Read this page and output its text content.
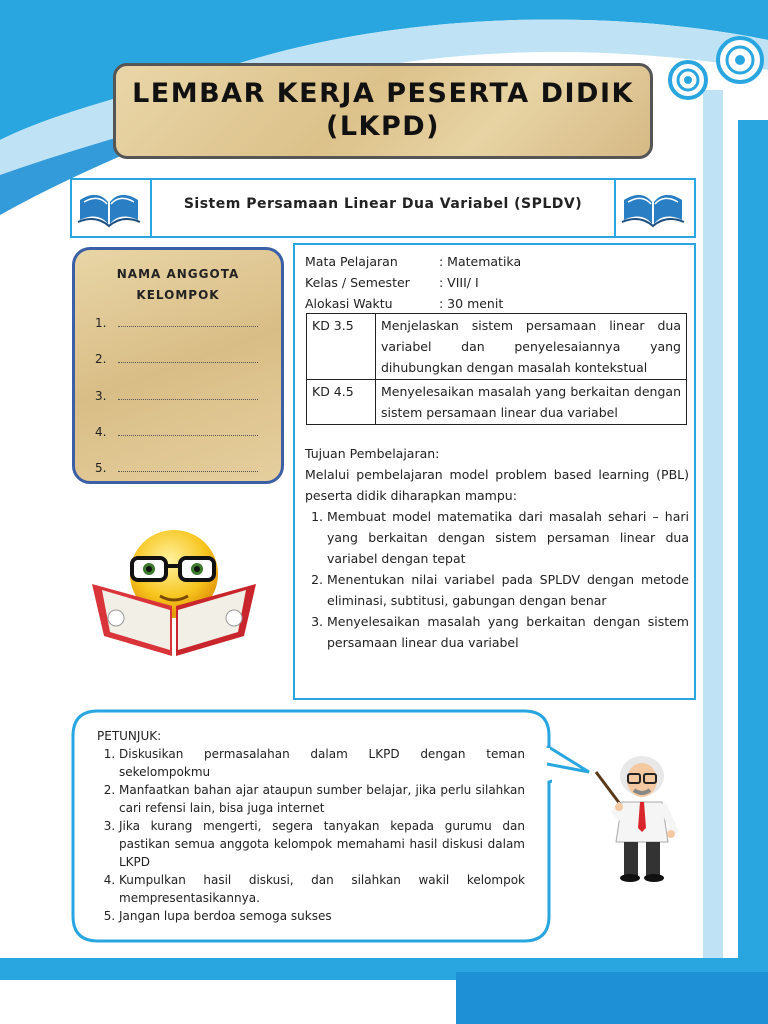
LEMBAR KERJA PESERTA DIDIK
(LKPD)
Sistem Persamaan Linear Dua Variabel (SPLDV)
NAMA ANGGOTA
KELOMPOK
1.
2.
3.
4.
5.
Mata Pelajaran	: Matematika
Kelas / Semester : VIII/ I
Alokasi Waktu	: 30 menit
KD 3.5	Menjelaskan sistem persamaan linear dua variabel dan penyelesaiannya yang dihubungkan dengan masalah kontekstual
KD 4.5	Menyelesaikan masalah yang berkaitan dengan sistem persamaan linear dua variabel

Tujuan Pembelajaran:

Melalui pembelajaran model problem based learning (PBL) peserta didik diharapkan mampu:

1. Membuat model matematika dari masalah sehari – hari yang berkaitan dengan sistem persaman linear dua variabel dengan tepat
2. Menentukan nilai variabel pada SPLDV dengan metode eliminasi, subtitusi, gabungan dengan benar
3. Menyelesaikan masalah yang berkaitan dengan sistem persamaan linear dua variabel

PETUNJUK:

1. Diskusikan permasalahan dalam LKPD dengan teman sekelompokmu
2. Manfaatkan bahan ajar ataupun sumber belajar, jika perlu silahkan cari refensi lain, bisa juga internet
3. Jika kurang mengerti, segera tanyakan kepada gurumu dan pastikan semua anggota kelompok memahami hasil diskusi dalam LKPD
4. Kumpulkan hasil diskusi, dan silahkan wakil kelompok mempresentasikannya.
5. Jangan lupa berdoa semoga sukses
